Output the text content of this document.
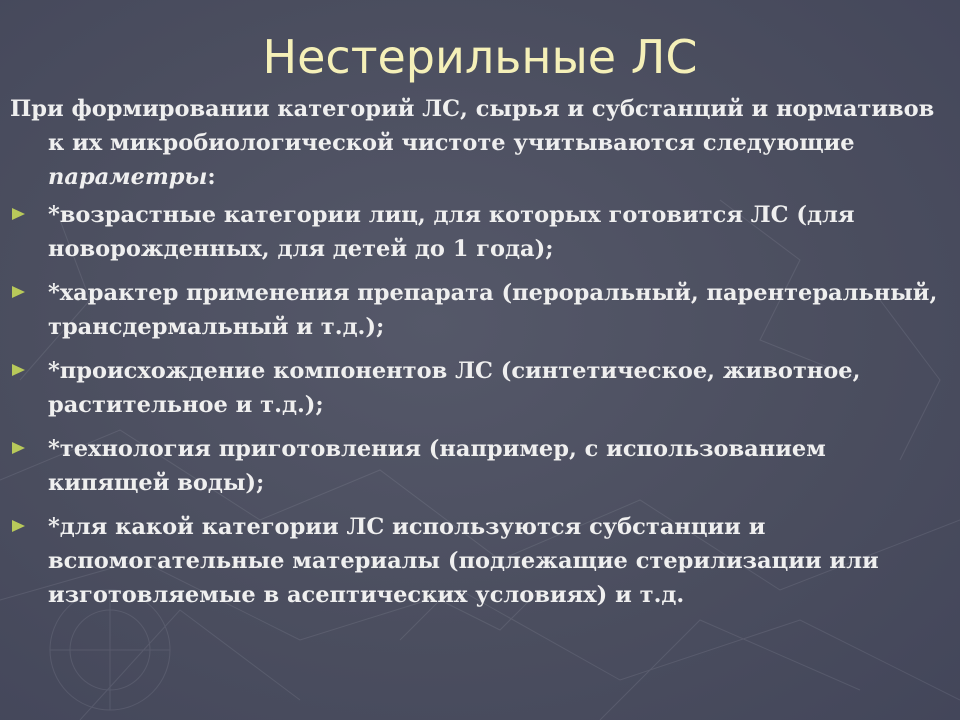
Нестерильные ЛС

При формировании категорий ЛС, сырья и субстанций и нормативов к их микробиологической чистоте учитываются следующие параметры:

*возрастные категории лиц, для которых готовится ЛС (для новорожденных, для детей до 1 года);
*характер применения препарата (пероральный, парентеральный, трансдермальный и т.д.);
*происхождение компонентов ЛС (синтетическое, животное, растительное и т.д.);
*технология приготовления (например, с использованием кипящей воды);
*для какой категории ЛС используются субстанции и вспомогательные материалы (подлежащие стерилизации или изготовляемые в асептических условиях) и т.д.
